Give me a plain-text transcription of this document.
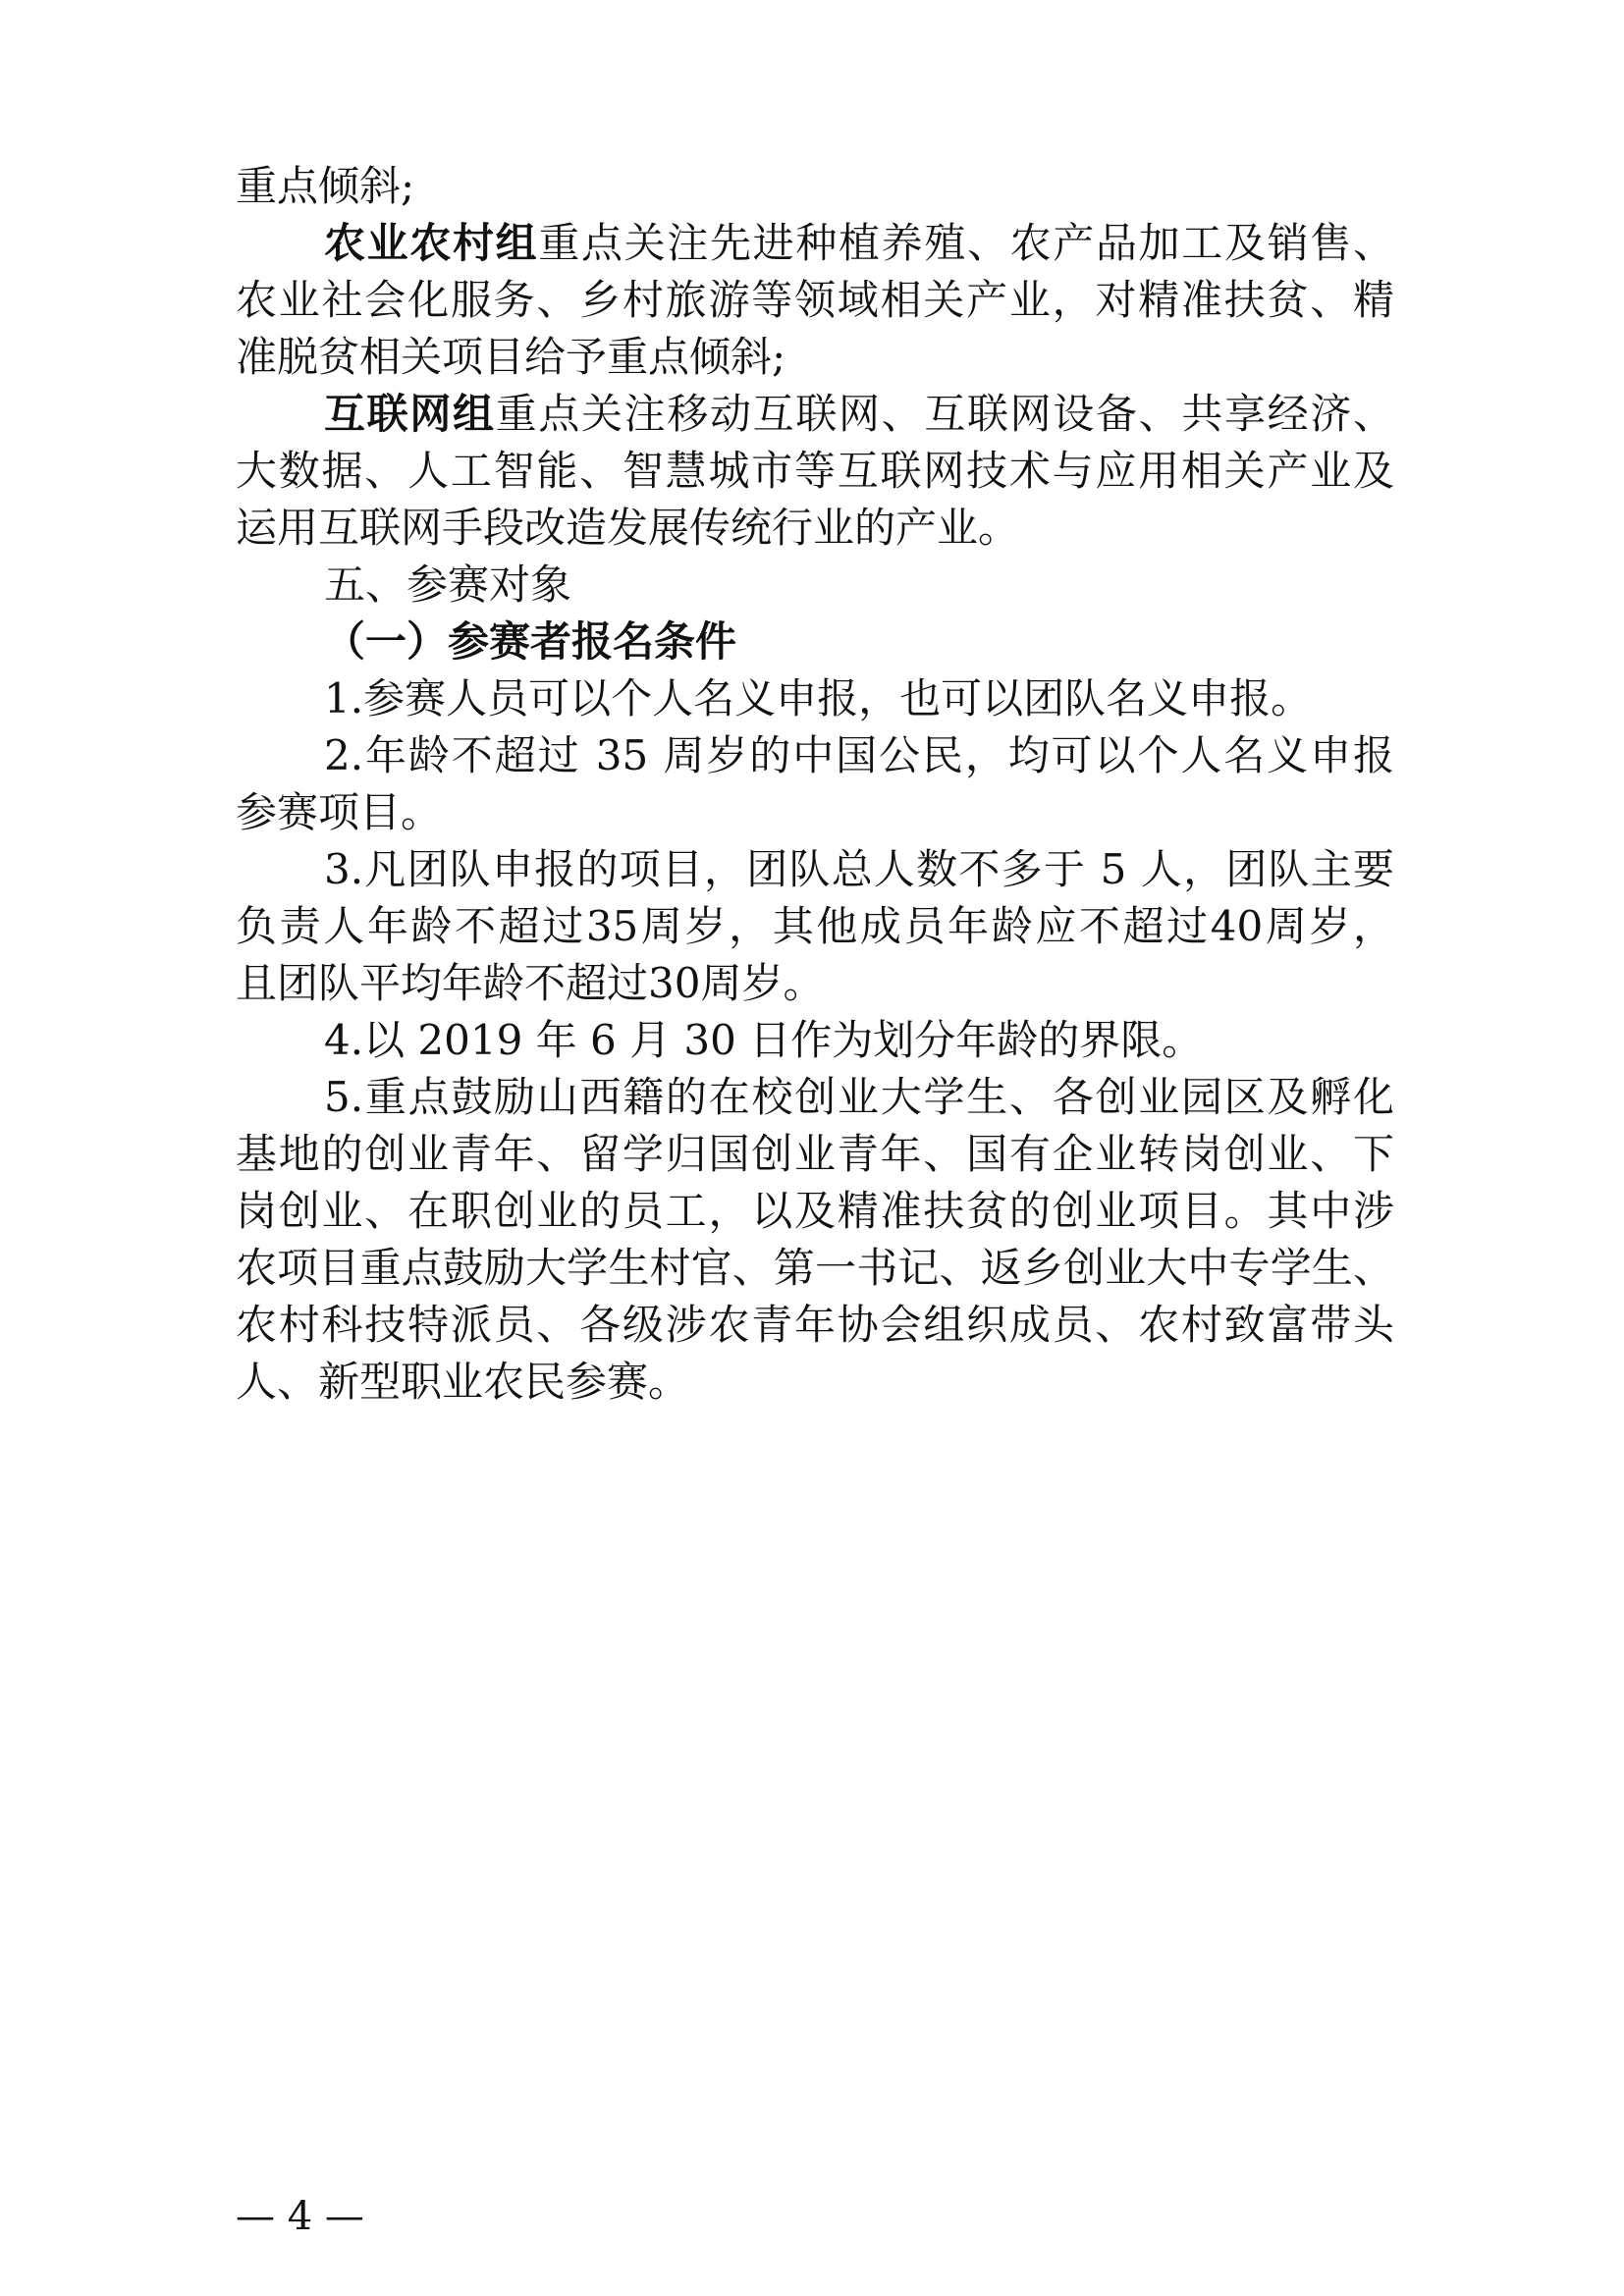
重点倾斜;
农业农村组重点关注先进种植养殖、农产品加工及销售、
农业社会化服务、乡村旅游等领域相关产业，对精准扶贫、精
准脱贫相关项目给予重点倾斜;
互联网组重点关注移动互联网、互联网设备、共享经济、
大数据、人工智能、智慧城市等互联网技术与应用相关产业及
运用互联网手段改造发展传统行业的产业。
五、参赛对象
（一）参赛者报名条件
1.参赛人员可以个人名义申报，也可以团队名义申报。
2.年龄不超过 35 周岁的中国公民，均可以个人名义申报
参赛项目。
3.凡团队申报的项目，团队总人数不多于 5 人，团队主要
负责人年龄不超过35周岁，其他成员年龄应不超过40周岁，
且团队平均年龄不超过30周岁。
4.以 2019 年 6 月 30 日作为划分年龄的界限。
5.重点鼓励山西籍的在校创业大学生、各创业园区及孵化
基地的创业青年、留学归国创业青年、国有企业转岗创业、下
岗创业、在职创业的员工，以及精准扶贫的创业项目。其中涉
农项目重点鼓励大学生村官、第一书记、返乡创业大中专学生、
农村科技特派员、各级涉农青年协会组织成员、农村致富带头
人、新型职业农民参赛。
— 4 —
